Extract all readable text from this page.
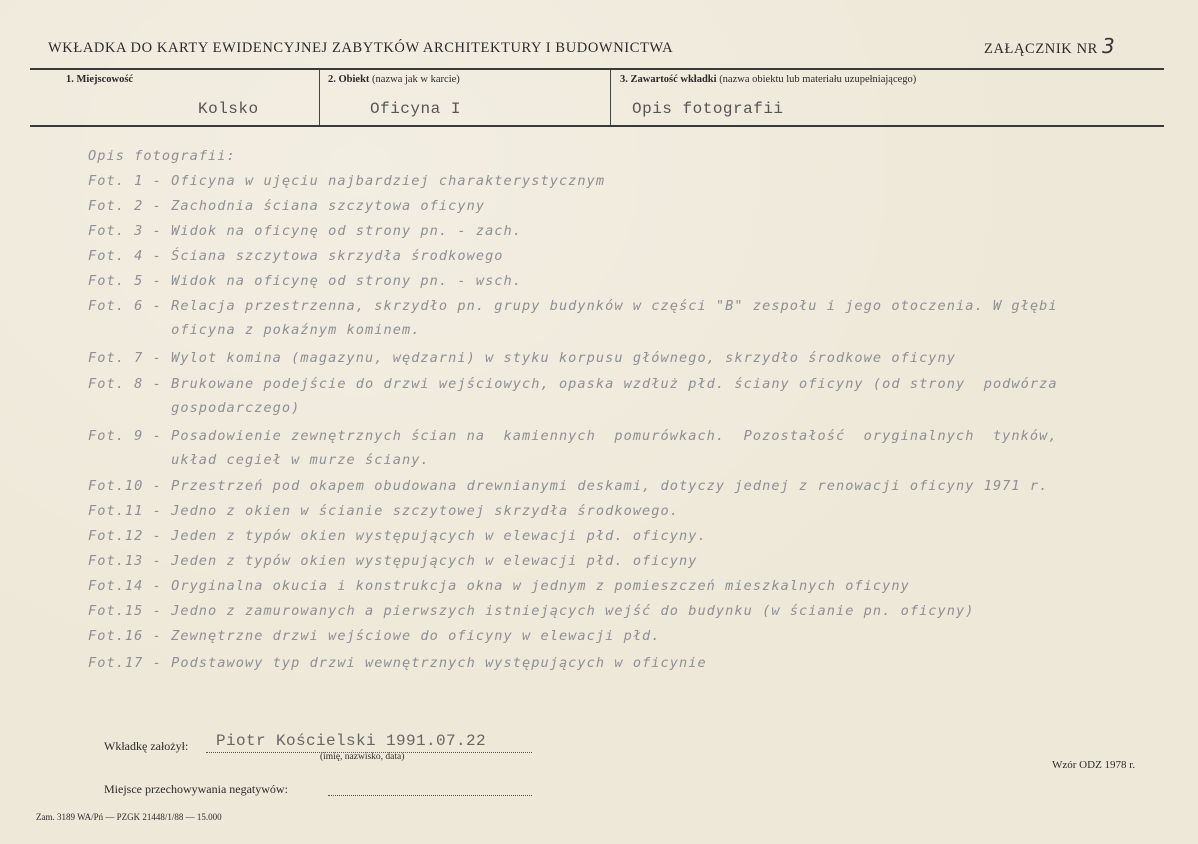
WKŁADKA DO KARTY EWIDENCYJNEJ ZABYTKÓW ARCHITEKTURY I BUDOWNICTWA	ZAŁĄCZNIK NR 3
1. Miejscowość
Kolsko
2. Obiekt (nazwa jak w karcie)
Oficyna I
3. Zawartość wkładki (nazwa obiektu lub materiału uzupełniającego)
Opis fotografii
Opis fotografii:
Fot. 1 - Oficyna w ujęciu najbardziej charakterystycznym
Fot. 2 - Zachodnia ściana szczytowa oficyny
Fot. 3 - Widok na oficynę od strony pn. - zach.
Fot. 4 - Ściana szczytowa skrzydła środkowego
Fot. 5 - Widok na oficynę od strony pn. - wsch.
Fot. 6 - Relacja przestrzenna, skrzydło pn. grupy budynków w części "B" zespołu i jego otoczenia. W głębi
oficyna z pokaźnym kominem.
Fot. 7 - Wylot komina (magazynu, wędzarni) w styku korpusu głównego, skrzydło środkowe oficyny
Fot. 8 - Brukowane podejście do drzwi wejściowych, opaska wzdłuż płd. ściany oficyny (od strony  podwórza
gospodarczego)
Fot. 9 - Posadowienie zewnętrznych ścian na  kamiennych  pomurówkach.  Pozostałość  oryginalnych  tynków,
układ cegieł w murze ściany.
Fot.10 - Przestrzeń pod okapem obudowana drewnianymi deskami, dotyczy jednej z renowacji oficyny 1971 r.
Fot.11 - Jedno z okien w ścianie szczytowej skrzydła środkowego.
Fot.12 - Jeden z typów okien występujących w elewacji płd. oficyny.
Fot.13 - Jeden z typów okien występujących w elewacji płd. oficyny
Fot.14 - Oryginalna okucia i konstrukcja okna w jednym z pomieszczeń mieszkalnych oficyny
Fot.15 - Jedno z zamurowanych a pierwszych istniejących wejść do budynku (w ścianie pn. oficyny)
Fot.16 - Zewnętrzne drzwi wejściowe do oficyny w elewacji płd.
Fot.17 - Podstawowy typ drzwi wewnętrznych występujących w oficynie
Wkładkę założył: Piotr Kościelski 1991.07.22
(imię, nazwisko, data)
Wzór ODZ 1978 r.
Miejsce przechowywania negatywów:
Zam. 3189 WA/Pń — PZGK 21448/1/88 — 15.000
